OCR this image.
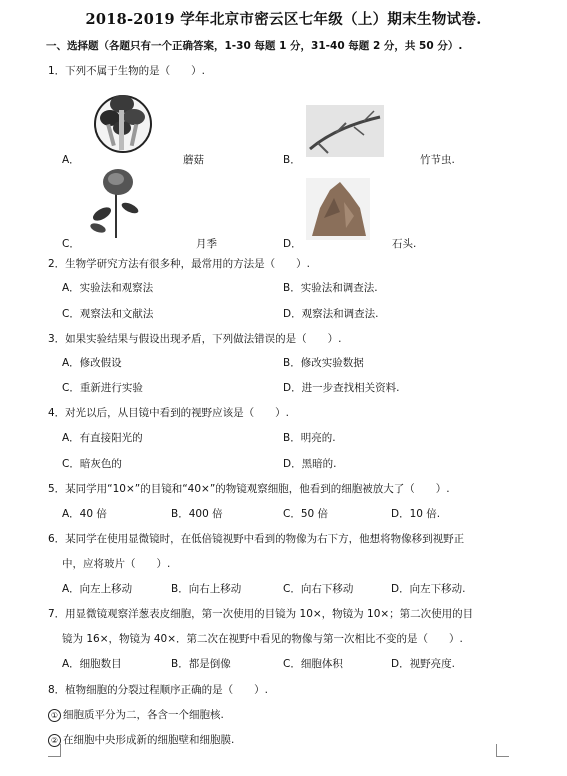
2018-2019 学年北京市密云区七年级（上）期末生物试卷.
一、选择题（各题只有一个正确答案，1-30 每题 1 分，31-40 每题 2 分，共 50 分）.
1．下列不属于生物的是（　　）.
A．	蘑菇	B．	竹节虫.
C．	月季	D．	石头.
2．生物学研究方法有很多种，最常用的方法是（　　）.
A．实验法和观察法	B．实验法和调查法.
C．观察法和文献法	D．观察法和调查法.
3．如果实验结果与假设出现矛盾，下列做法错误的是（　　）.
A．修改假设	B．修改实验数据
C．重新进行实验	D．进一步查找相关资料.
4．对光以后，从目镜中看到的视野应该是（　　）.
A．有直接阳光的	B．明亮的.
C．暗灰色的	D．黑暗的.
5．某同学用“10×”的目镜和“40×”的物镜观察细胞，他看到的细胞被放大了（　　）.
A．40 倍	B．400 倍	C．50 倍	D．10 倍.
6．某同学在使用显微镜时，在低倍镜视野中看到的物像为右下方，他想将物像移到视野正
中，应将玻片（　　）.
A．向左上移动	B．向右上移动	C．向右下移动	D．向左下移动.
7．用显微镜观察洋葱表皮细胞，第一次使用的目镜为 10×，物镜为 10×；第二次使用的目
镜为 16×，物镜为 40×．第二次在视野中看见的物像与第一次相比不变的是（　　）.
A．细胞数目	B．都是倒像	C．细胞体积	D．视野亮度.
8．植物细胞的分裂过程顺序正确的是（　　）.
① 细胞质平分为二，各含一个细胞核.
② 在细胞中央形成新的细胞壁和细胞膜.
